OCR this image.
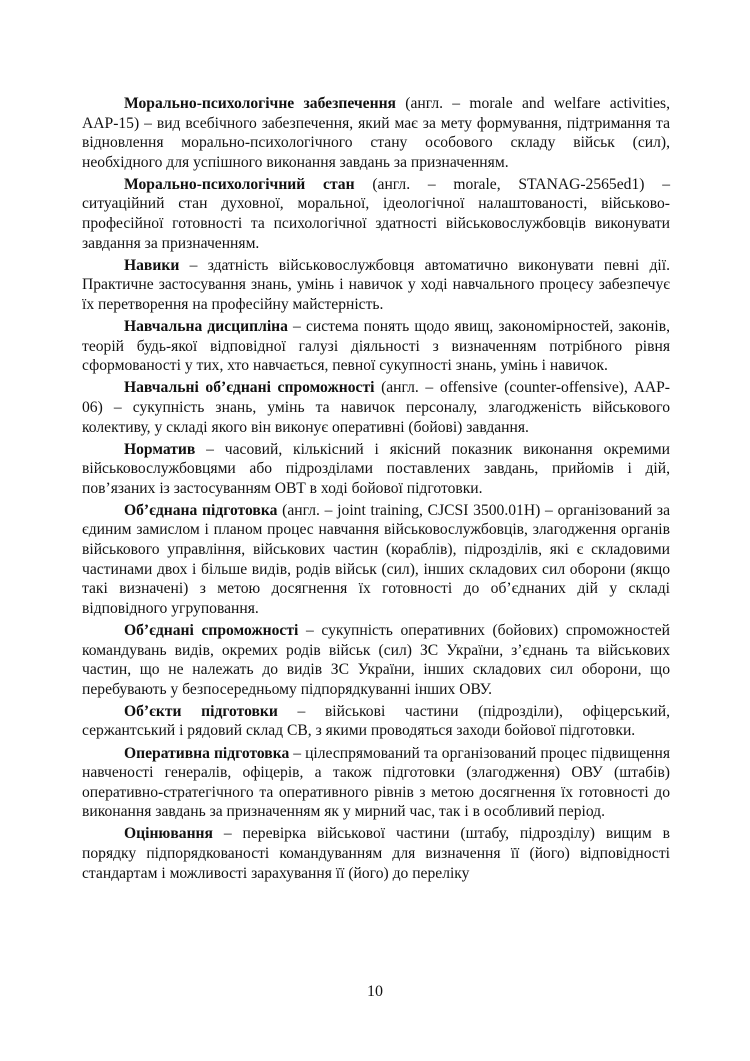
Морально-психологічне забезпечення (англ. – morale and welfare activities, AAP-15) – вид всебічного забезпечення, який має за мету формування, підтримання та відновлення морально-психологічного стану особового складу військ (сил), необхідного для успішного виконання завдань за призначенням.

Морально-психологічний стан (англ. – morale, STANAG-2565ed1) – ситуаційний стан духовної, моральної, ідеологічної налаштованості, військово-професійної готовності та психологічної здатності військовослужбовців виконувати завдання за призначенням.

Навики – здатність військовослужбовця автоматично виконувати певні дії. Практичне застосування знань, умінь і навичок у ході навчального процесу забезпечує їх перетворення на професійну майстерність.

Навчальна дисципліна – система понять щодо явищ, закономірностей, законів, теорій будь-якої відповідної галузі діяльності з визначенням потрібного рівня сформованості у тих, хто навчається, певної сукупності знань, умінь і навичок.

Навчальні об’єднані спроможності (англ. – offensive (counter-offensive), AAP-06) – сукупність знань, умінь та навичок персоналу, злагодженість військового колективу, у складі якого він виконує оперативні (бойові) завдання.

Норматив – часовий, кількісний і якісний показник виконання окремими військовослужбовцями або підрозділами поставлених завдань, прийомів і дій, пов’язаних із застосуванням ОВТ в ході бойової підготовки.

Об’єднана підготовка (англ. – joint training, CJCSI 3500.01H) – організований за єдиним замислом і планом процес навчання військовослужбовців, злагодження органів військового управління, військових частин (кораблів), підрозділів, які є складовими частинами двох і більше видів, родів військ (сил), інших складових сил оборони (якщо такі визначені) з метою досягнення їх готовності до об’єднаних дій у складі відповідного угруповання.

Об’єднані спроможності – сукупність оперативних (бойових) спроможностей командувань видів, окремих родів військ (сил) ЗС України, з’єднань та військових частин, що не належать до видів ЗС України, інших складових сил оборони, що перебувають у безпосередньому підпорядкуванні інших ОВУ.

Об’єкти підготовки – військові частини (підрозділи), офіцерський, сержантський і рядовий склад СВ, з якими проводяться заходи бойової підготовки.

Оперативна підготовка – цілеспрямований та організований процес підвищення навченості генералів, офіцерів, а також підготовки (злагодження) ОВУ (штабів) оперативно-стратегічного та оперативного рівнів з метою досягнення їх готовності до виконання завдань за призначенням як у мирний час, так і в особливий період.

Оцінювання – перевірка військової частини (штабу, підрозділу) вищим в порядку підпорядкованості командуванням для визначення її (його) відповідності стандартам і можливості зарахування її (його) до переліку

10
